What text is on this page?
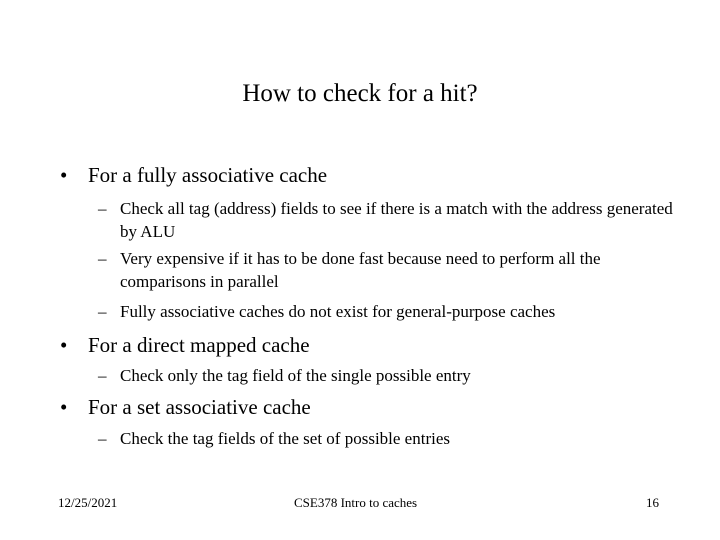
How to check for a hit?
• For a fully associative cache
– Check all tag (address) fields to see if there is a match with the address generated by ALU
– Very expensive if it has to be done fast because need to perform all the comparisons in parallel
– Fully associative caches do not exist for general-purpose caches
• For a direct mapped cache
– Check only the tag field of the single possible entry
• For a set associative cache
– Check the tag fields of the set of possible entries
12/25/2021	CSE378 Intro to caches	16
